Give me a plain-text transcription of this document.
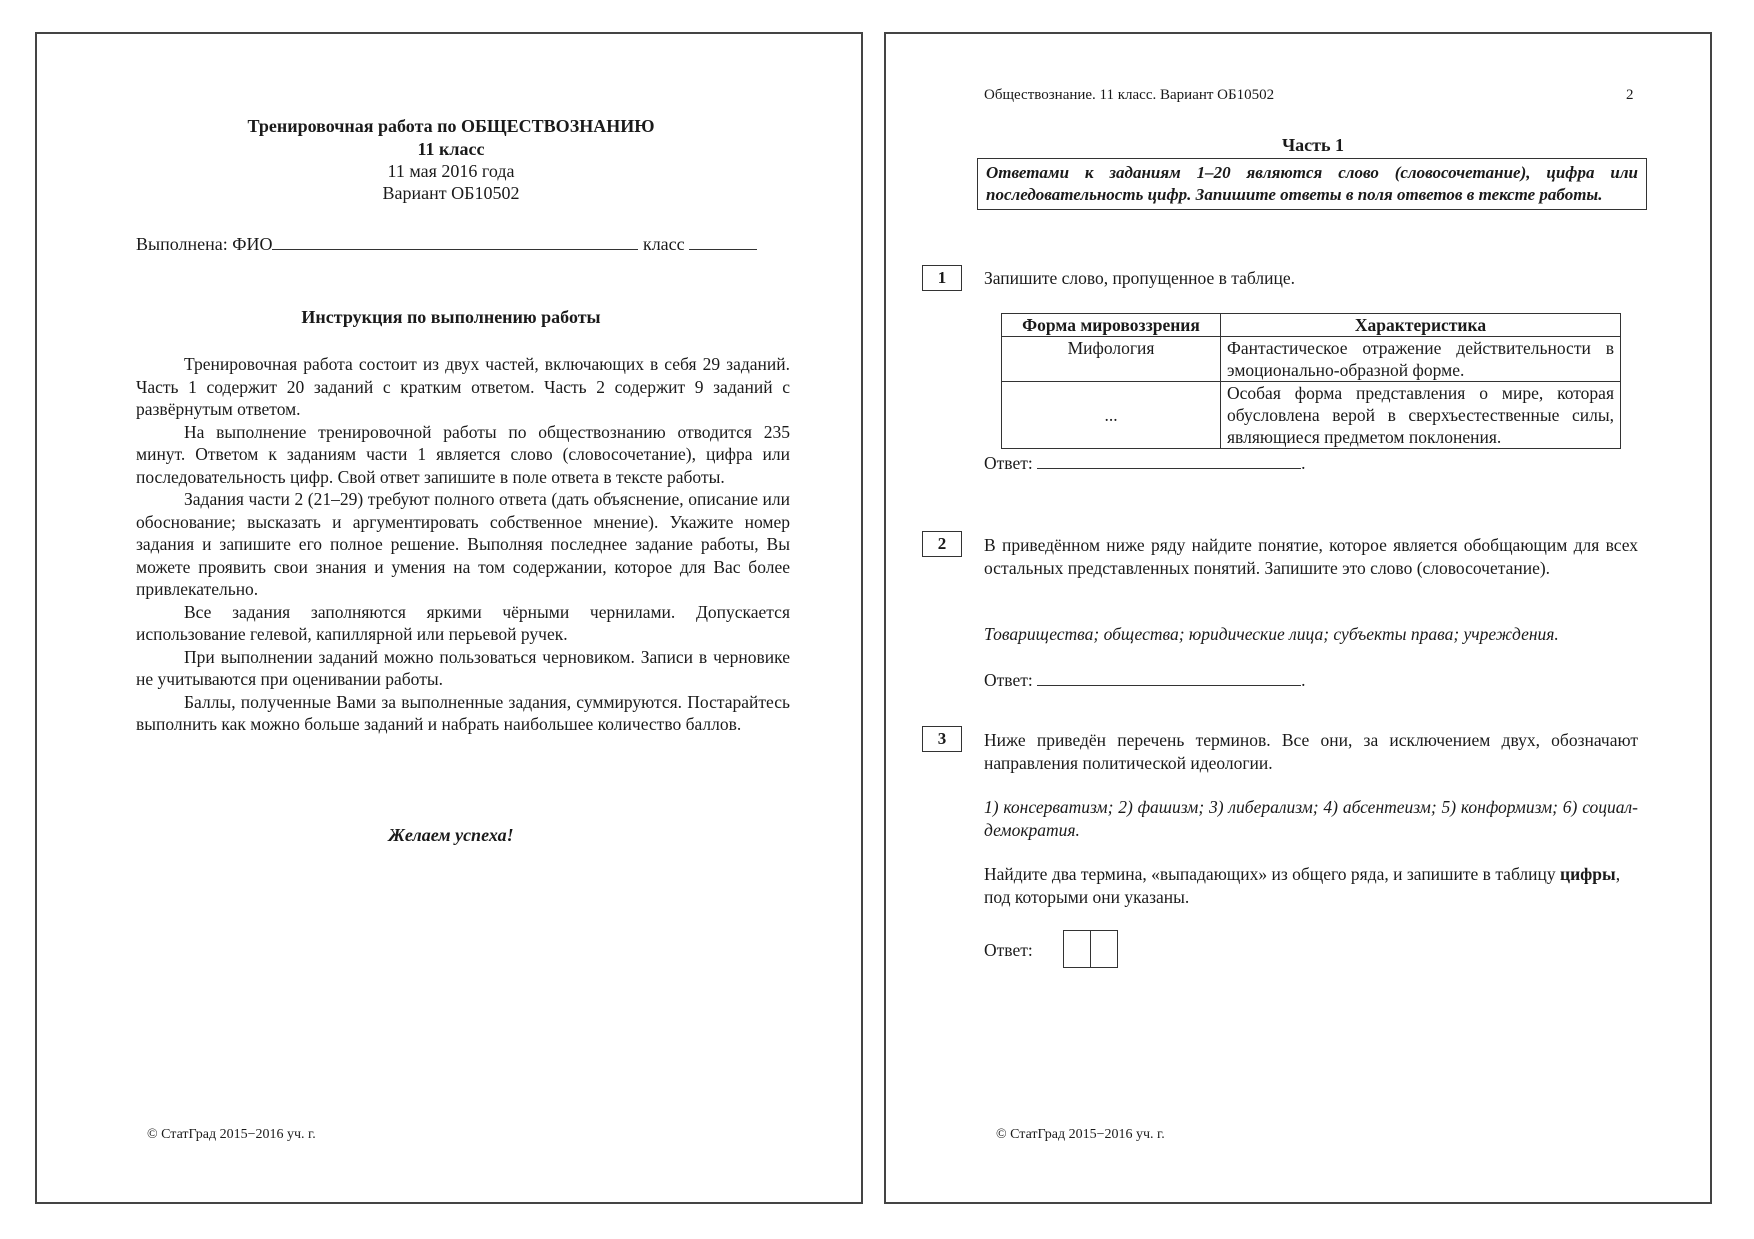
Тренировочная работа по ОБЩЕСТВОЗНАНИЮ
11 класс
11 мая 2016 года
Вариант ОБ10502
Выполнена: ФИО	класс
Инструкция по выполнению работы

Тренировочная работа состоит из двух частей, включающих в себя 29 заданий. Часть 1 содержит 20 заданий с кратким ответом. Часть 2 содержит 9 заданий с развёрнутым ответом.

На выполнение тренировочной работы по обществознанию отводится 235 минут. Ответом к заданиям части 1 является слово (словосочетание), цифра или последовательность цифр. Свой ответ запишите в поле ответа в тексте работы.

Задания части 2 (21–29) требуют полного ответа (дать объяснение, описание или обоснование; высказать и аргументировать собственное мнение). Укажите номер задания и запишите его полное решение. Выполняя последнее задание работы, Вы можете проявить свои знания и умения на том содержании, которое для Вас более привлекательно.

Все задания заполняются яркими чёрными чернилами. Допускается использование гелевой, капиллярной или перьевой ручек.

При выполнении заданий можно пользоваться черновиком. Записи в черновике не учитываются при оценивании работы.

Баллы, полученные Вами за выполненные задания, суммируются. Постарайтесь выполнить как можно больше заданий и набрать наибольшее количество баллов.

Желаем успеха!
© СтатГрад 2015−2016 уч. г.
Обществознание. 11 класс. Вариант ОБ10502	2
Часть 1
Ответами к заданиям 1–20 являются слово (словосочетание), цифра или последовательность цифр. Запишите ответы в поля ответов в тексте работы.
1	Запишите слово, пропущенное в таблице.
Форма мировоззрения	Характеристика
Мифология	Фантастическое отражение действительности в эмоционально-образной форме.
...	Особая форма представления о мире, которая обусловлена верой в сверхъестественные силы, являющиеся предметом поклонения.
Ответ:	.
2	В приведённом ниже ряду найдите понятие, которое является обобщающим для всех остальных представленных понятий. Запишите это слово (словосочетание).
Товарищества; общества; юридические лица; субъекты права; учреждения.
Ответ:	.
3	Ниже приведён перечень терминов. Все они, за исключением двух, обозначают направления политической идеологии.
1) консерватизм; 2) фашизм; 3) либерализм; 4) абсентеизм; 5) конформизм; 6) социал-демократия.
Найдите два термина, «выпадающих» из общего ряда, и запишите в таблицу цифры, под которыми они указаны.
Ответ:
© СтатГрад 2015−2016 уч. г.
